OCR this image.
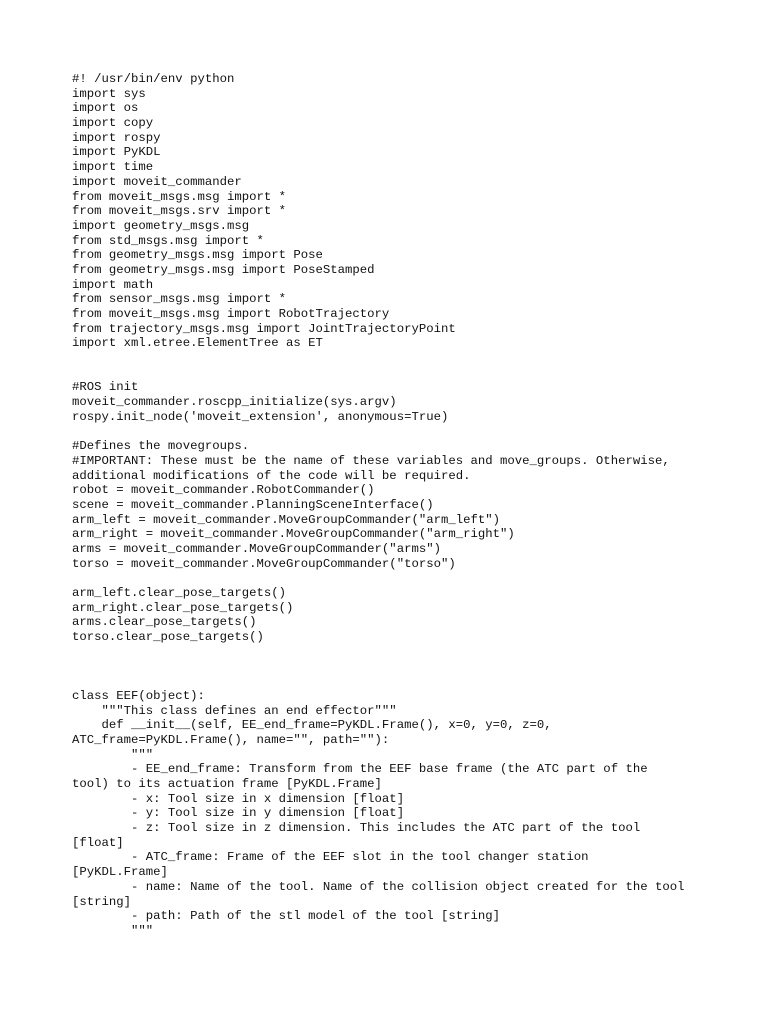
#! /usr/bin/env python
import sys
import os
import copy
import rospy
import PyKDL
import time
import moveit_commander
from moveit_msgs.msg import *
from moveit_msgs.srv import *
import geometry_msgs.msg
from std_msgs.msg import *
from geometry_msgs.msg import Pose
from geometry_msgs.msg import PoseStamped
import math
from sensor_msgs.msg import *
from moveit_msgs.msg import RobotTrajectory
from trajectory_msgs.msg import JointTrajectoryPoint
import xml.etree.ElementTree as ET
#ROS init
moveit_commander.roscpp_initialize(sys.argv)
rospy.init_node('moveit_extension', anonymous=True)
#Defines the movegroups.
#IMPORTANT: These must be the name of these variables and move_groups. Otherwise,
additional modifications of the code will be required.
robot = moveit_commander.RobotCommander()
scene = moveit_commander.PlanningSceneInterface()
arm_left = moveit_commander.MoveGroupCommander("arm_left")
arm_right = moveit_commander.MoveGroupCommander("arm_right")
arms = moveit_commander.MoveGroupCommander("arms")
torso = moveit_commander.MoveGroupCommander("torso")
arm_left.clear_pose_targets()
arm_right.clear_pose_targets()
arms.clear_pose_targets()
torso.clear_pose_targets()
class EEF(object):
"""This class defines an end effector"""
def __init__(self, EE_end_frame=PyKDL.Frame(), x=0, y=0, z=0,
ATC_frame=PyKDL.Frame(), name="", path=""):
"""
- EE_end_frame: Transform from the EEF base frame (the ATC part of the
tool) to its actuation frame [PyKDL.Frame]
- x: Tool size in x dimension [float]
- y: Tool size in y dimension [float]
- z: Tool size in z dimension. This includes the ATC part of the tool
[float]
- ATC_frame: Frame of the EEF slot in the tool changer station
[PyKDL.Frame]
- name: Name of the tool. Name of the collision object created for the tool
[string]
- path: Path of the stl model of the tool [string]
"""
